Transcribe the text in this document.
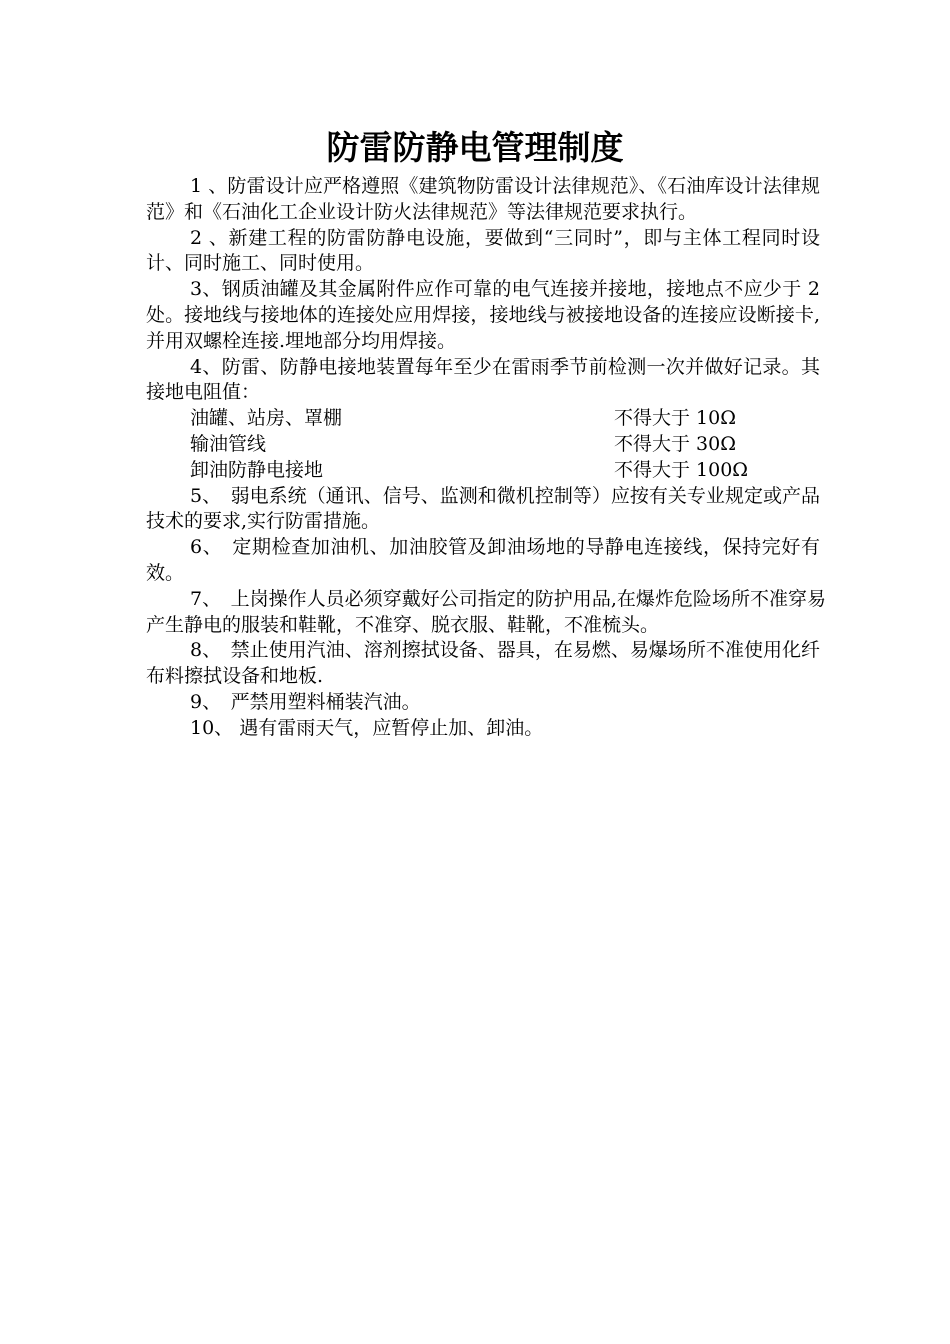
防雷防静电管理制度

1 、防雷设计应严格遵照《建筑物防雷设计法律规范》、《石油库设计法律规范》和《石油化工企业设计防火法律规范》等法律规范要求执行。

2 、新建工程的防雷防静电设施，要做到“三同时”，即与主体工程同时设计、同时施工、同时使用。

3、钢质油罐及其金属附件应作可靠的电气连接并接地，接地点不应少于 2 处。接地线与接地体的连接处应用焊接，接地线与被接地设备的连接应设断接卡,并用双螺栓连接.埋地部分均用焊接。

4、防雷、防静电接地装置每年至少在雷雨季节前检测一次并做好记录。其接地电阻值：

油罐、站房、罩棚	不得大于 10Ω
输油管线	不得大于 30Ω
卸油防静电接地	不得大于 100Ω

5、　弱电系统（通讯、信号、监测和微机控制等）应按有关专业规定或产品技术的要求,实行防雷措施。

6、　定期检查加油机、加油胶管及卸油场地的导静电连接线，保持完好有效。

7、　上岗操作人员必须穿戴好公司指定的防护用品,在爆炸危险场所不准穿易产生静电的服装和鞋靴，不准穿、脱衣服、鞋靴，不准梳头。

8、　禁止使用汽油、溶剂擦拭设备、器具，在易燃、易爆场所不准使用化纤布料擦拭设备和地板.

9、　严禁用塑料桶装汽油。

10、 遇有雷雨天气，应暂停止加、卸油。
